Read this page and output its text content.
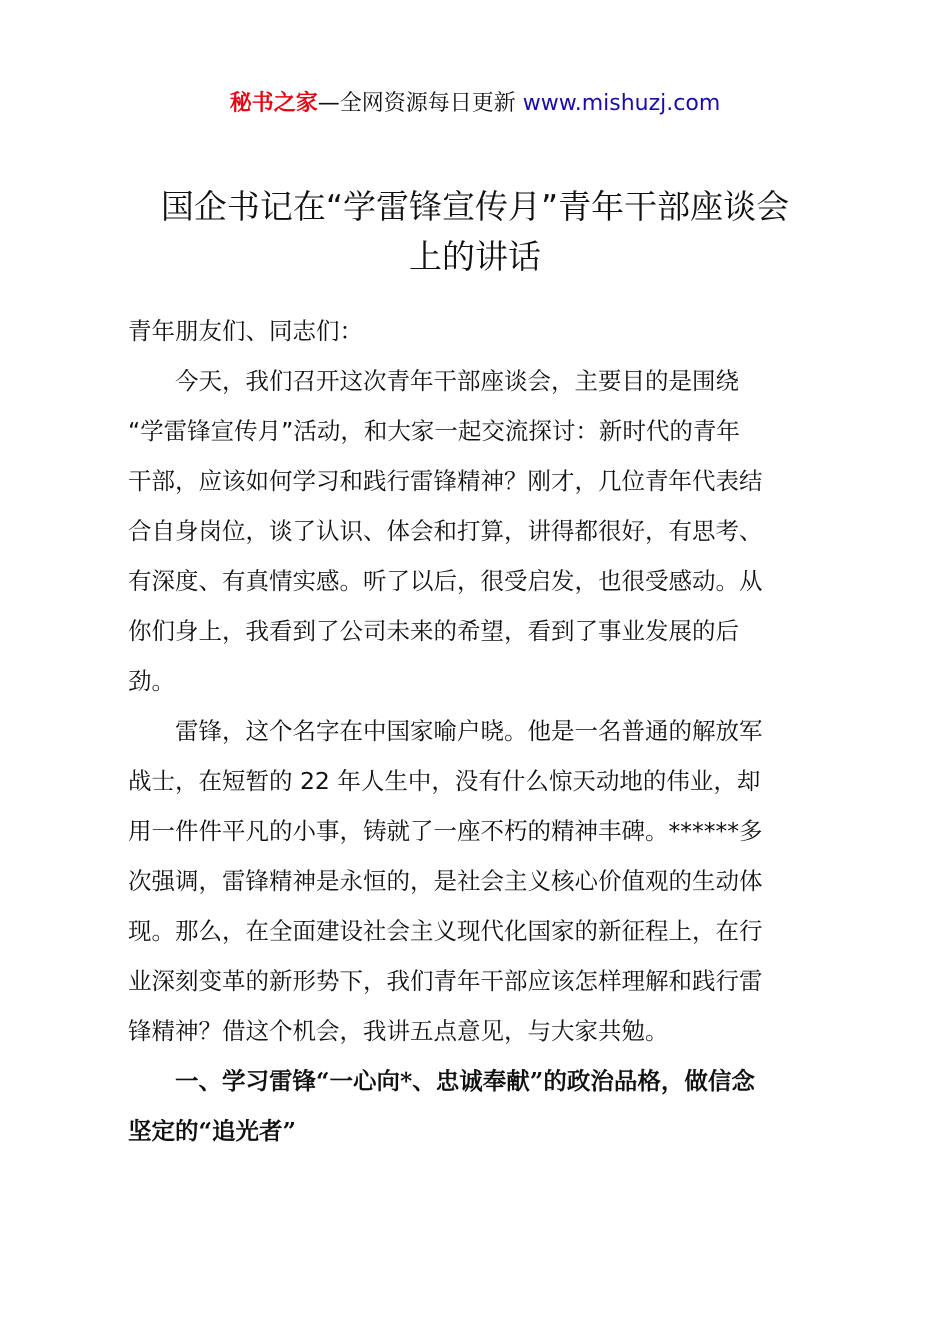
秘书之家—全网资源每日更新 www.mishuzj.com
国企书记在“学雷锋宣传月”青年干部座谈会
上的讲话

青年朋友们、同志们：

今天，我们召开这次青年干部座谈会，主要目的是围绕
“学雷锋宣传月”活动，和大家一起交流探讨：新时代的青年
干部，应该如何学习和践行雷锋精神？刚才，几位青年代表结
合自身岗位，谈了认识、体会和打算，讲得都很好，有思考、
有深度、有真情实感。听了以后，很受启发，也很受感动。从
你们身上，我看到了公司未来的希望，看到了事业发展的后
劲。
雷锋，这个名字在中国家喻户晓。他是一名普通的解放军
战士，在短暂的 22 年人生中，没有什么惊天动地的伟业，却
用一件件平凡的小事，铸就了一座不朽的精神丰碑。******多
次强调，雷锋精神是永恒的，是社会主义核心价值观的生动体
现。那么，在全面建设社会主义现代化国家的新征程上，在行
业深刻变革的新形势下，我们青年干部应该怎样理解和践行雷
锋精神？借这个机会，我讲五点意见，与大家共勉。
一、学习雷锋“一心向*、忠诚奉献”的政治品格，做信念
坚定的“追光者”
